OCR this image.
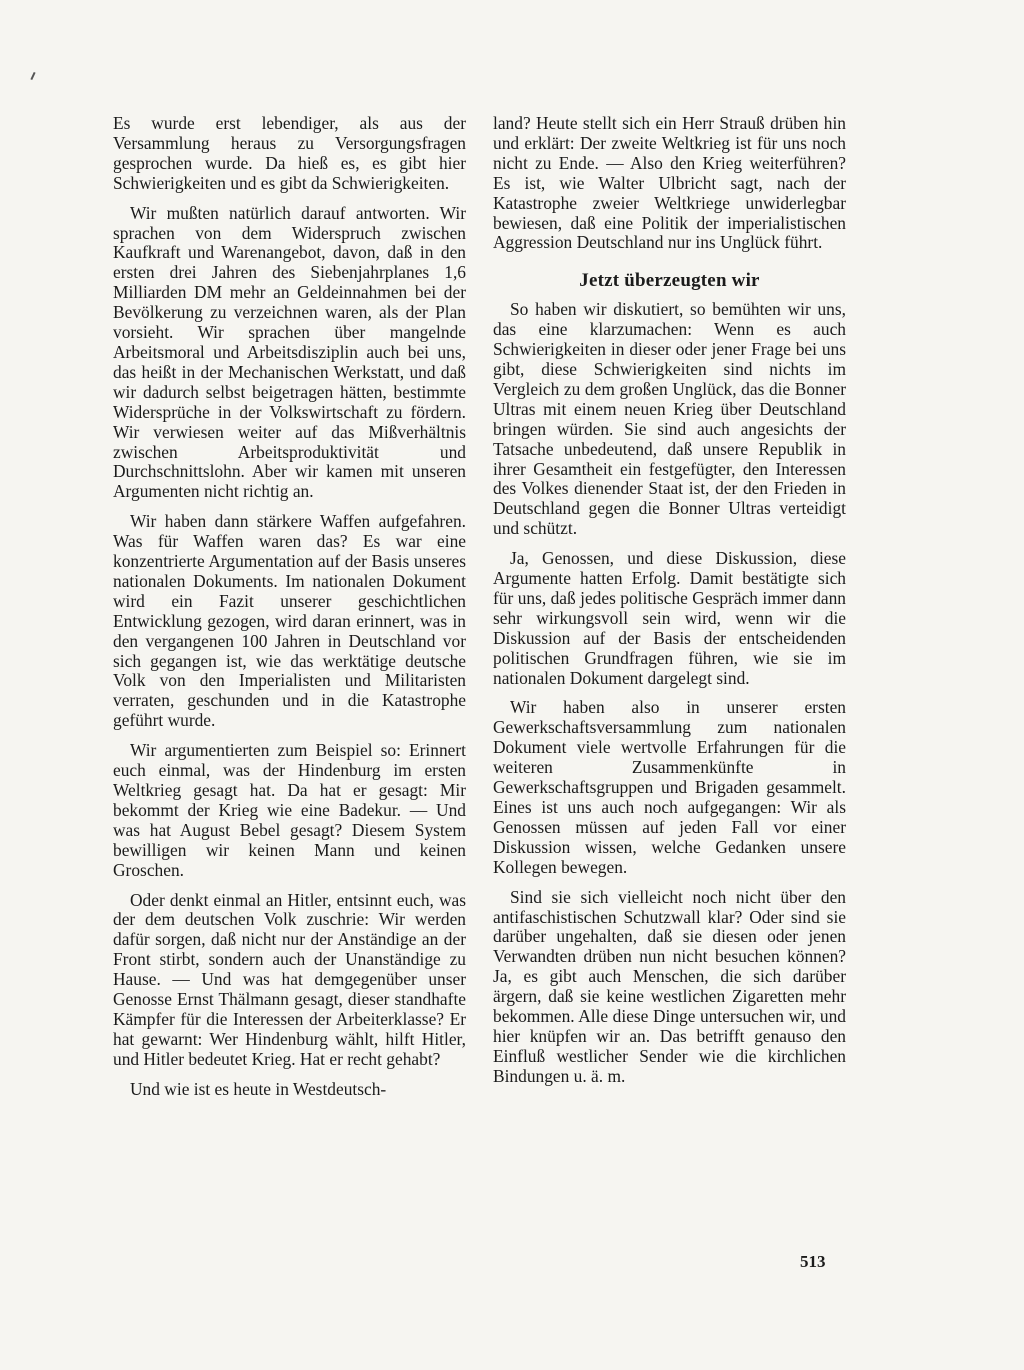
Es wurde erst lebendiger, als aus der Versammlung heraus zu Versorgungsfragen gesprochen wurde. Da hieß es, es gibt hier Schwierigkeiten und es gibt da Schwierigkeiten.

Wir mußten natürlich darauf antworten. Wir sprachen von dem Widerspruch zwischen Kaufkraft und Warenangebot, davon, daß in den ersten drei Jahren des Siebenjahrplanes 1,6 Milliarden DM mehr an Geldeinnahmen bei der Bevölkerung zu verzeichnen waren, als der Plan vorsieht. Wir sprachen über mangelnde Arbeitsmoral und Arbeitsdisziplin auch bei uns, das heißt in der Mechanischen Werkstatt, und daß wir dadurch selbst beigetragen hätten, bestimmte Widersprüche in der Volkswirtschaft zu fördern. Wir verwiesen weiter auf das Mißverhältnis zwischen Arbeitsproduktivität und Durchschnittslohn. Aber wir kamen mit unseren Argumenten nicht richtig an.

Wir haben dann stärkere Waffen aufgefahren. Was für Waffen waren das? Es war eine konzentrierte Argumentation auf der Basis unseres nationalen Dokuments. Im nationalen Dokument wird ein Fazit unserer geschichtlichen Entwicklung gezogen, wird daran erinnert, was in den vergangenen 100 Jahren in Deutschland vor sich gegangen ist, wie das werktätige deutsche Volk von den Imperialisten und Militaristen verraten, geschunden und in die Katastrophe geführt wurde.

Wir argumentierten zum Beispiel so: Erinnert euch einmal, was der Hindenburg im ersten Weltkrieg gesagt hat. Da hat er gesagt: Mir bekommt der Krieg wie eine Badekur. — Und was hat August Bebel gesagt? Diesem System bewilligen wir keinen Mann und keinen Groschen.

Oder denkt einmal an Hitler, entsinnt euch, was der dem deutschen Volk zuschrie: Wir werden dafür sorgen, daß nicht nur der Anständige an der Front stirbt, sondern auch der Unanständige zu Hause. — Und was hat demgegenüber unser Genosse Ernst Thälmann gesagt, dieser standhafte Kämpfer für die Interessen der Arbeiterklasse? Er hat gewarnt: Wer Hindenburg wählt, hilft Hitler, und Hitler bedeutet Krieg. Hat er recht gehabt?

Und wie ist es heute in Westdeutsch-

land? Heute stellt sich ein Herr Strauß drüben hin und erklärt: Der zweite Weltkrieg ist für uns noch nicht zu Ende. — Also den Krieg weiterführen? Es ist, wie Walter Ulbricht sagt, nach der Katastrophe zweier Weltkriege unwiderlegbar bewiesen, daß eine Politik der imperialistischen Aggression Deutschland nur ins Unglück führt.

Jetzt überzeugten wir

So haben wir diskutiert, so bemühten wir uns, das eine klarzumachen: Wenn es auch Schwierigkeiten in dieser oder jener Frage bei uns gibt, diese Schwierigkeiten sind nichts im Vergleich zu dem großen Unglück, das die Bonner Ultras mit einem neuen Krieg über Deutschland bringen würden. Sie sind auch angesichts der Tatsache unbedeutend, daß unsere Republik in ihrer Gesamtheit ein festgefügter, den Interessen des Volkes dienender Staat ist, der den Frieden in Deutschland gegen die Bonner Ultras verteidigt und schützt.

Ja, Genossen, und diese Diskussion, diese Argumente hatten Erfolg. Damit bestätigte sich für uns, daß jedes politische Gespräch immer dann sehr wirkungsvoll sein wird, wenn wir die Diskussion auf der Basis der entscheidenden politischen Grundfragen führen, wie sie im nationalen Dokument dargelegt sind.

Wir haben also in unserer ersten Gewerkschaftsversammlung zum nationalen Dokument viele wertvolle Erfahrungen für die weiteren Zusammenkünfte in Gewerkschaftsgruppen und Brigaden gesammelt. Eines ist uns auch noch aufgegangen: Wir als Genossen müssen auf jeden Fall vor einer Diskussion wissen, welche Gedanken unsere Kollegen bewegen.

Sind sie sich vielleicht noch nicht über den antifaschistischen Schutzwall klar? Oder sind sie darüber ungehalten, daß sie diesen oder jenen Verwandten drüben nun nicht besuchen können? Ja, es gibt auch Menschen, die sich darüber ärgern, daß sie keine westlichen Zigaretten mehr bekommen. Alle diese Dinge untersuchen wir, und hier knüpfen wir an. Das betrifft genauso den Einfluß westlicher Sender wie die kirchlichen Bindungen u. ä. m.

513
